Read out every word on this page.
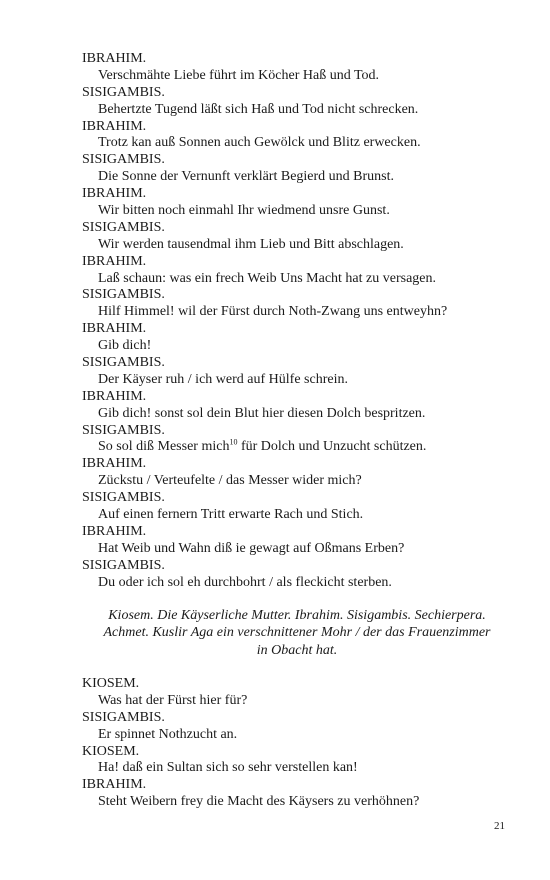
IBRAHIM.
Verschmähte Liebe führt im Köcher Haß und Tod.
SISIGAMBIS.
Behertzte Tugend läßt sich Haß und Tod nicht schrecken.
IBRAHIM.
Trotz kan auß Sonnen auch Gewölck und Blitz erwecken.
SISIGAMBIS.
Die Sonne der Vernunft verklärt Begierd und Brunst.
IBRAHIM.
Wir bitten noch einmahl Ihr wiedmend unsre Gunst.
SISIGAMBIS.
Wir werden tausendmal ihm Lieb und Bitt abschlagen.
IBRAHIM.
Laß schaun: was ein frech Weib Uns Macht hat zu versagen.
SISIGAMBIS.
Hilf Himmel! wil der Fürst durch Noth-Zwang uns entweyhn?
IBRAHIM.
Gib dich!
SISIGAMBIS.
Der Käyser ruh / ich werd auf Hülfe schrein.
IBRAHIM.
Gib dich! sonst sol dein Blut hier diesen Dolch bespritzen.
SISIGAMBIS.
So sol diß Messer mich$^{10}$ für Dolch und Unzucht schützen.
IBRAHIM.
Zückstu / Verteufelte / das Messer wider mich?
SISIGAMBIS.
Auf einen fernern Tritt erwarte Rach und Stich.
IBRAHIM.
Hat Weib und Wahn diß ie gewagt auf Oßmans Erben?
SISIGAMBIS.
Du oder ich sol eh durchbohrt / als fleckicht sterben.
Kiosem. Die Käyserliche Mutter. Ibrahim. Sisigambis. Sechierpera.
Achmet. Kuslir Aga ein verschnittener Mohr / der das Frauenzimmer
in Obacht hat.
KIOSEM.
Was hat der Fürst hier für?
SISIGAMBIS.
Er spinnet Nothzucht an.
KIOSEM.
Ha! daß ein Sultan sich so sehr verstellen kan!
IBRAHIM.
Steht Weibern frey die Macht des Käysers zu verhöhnen?
21
